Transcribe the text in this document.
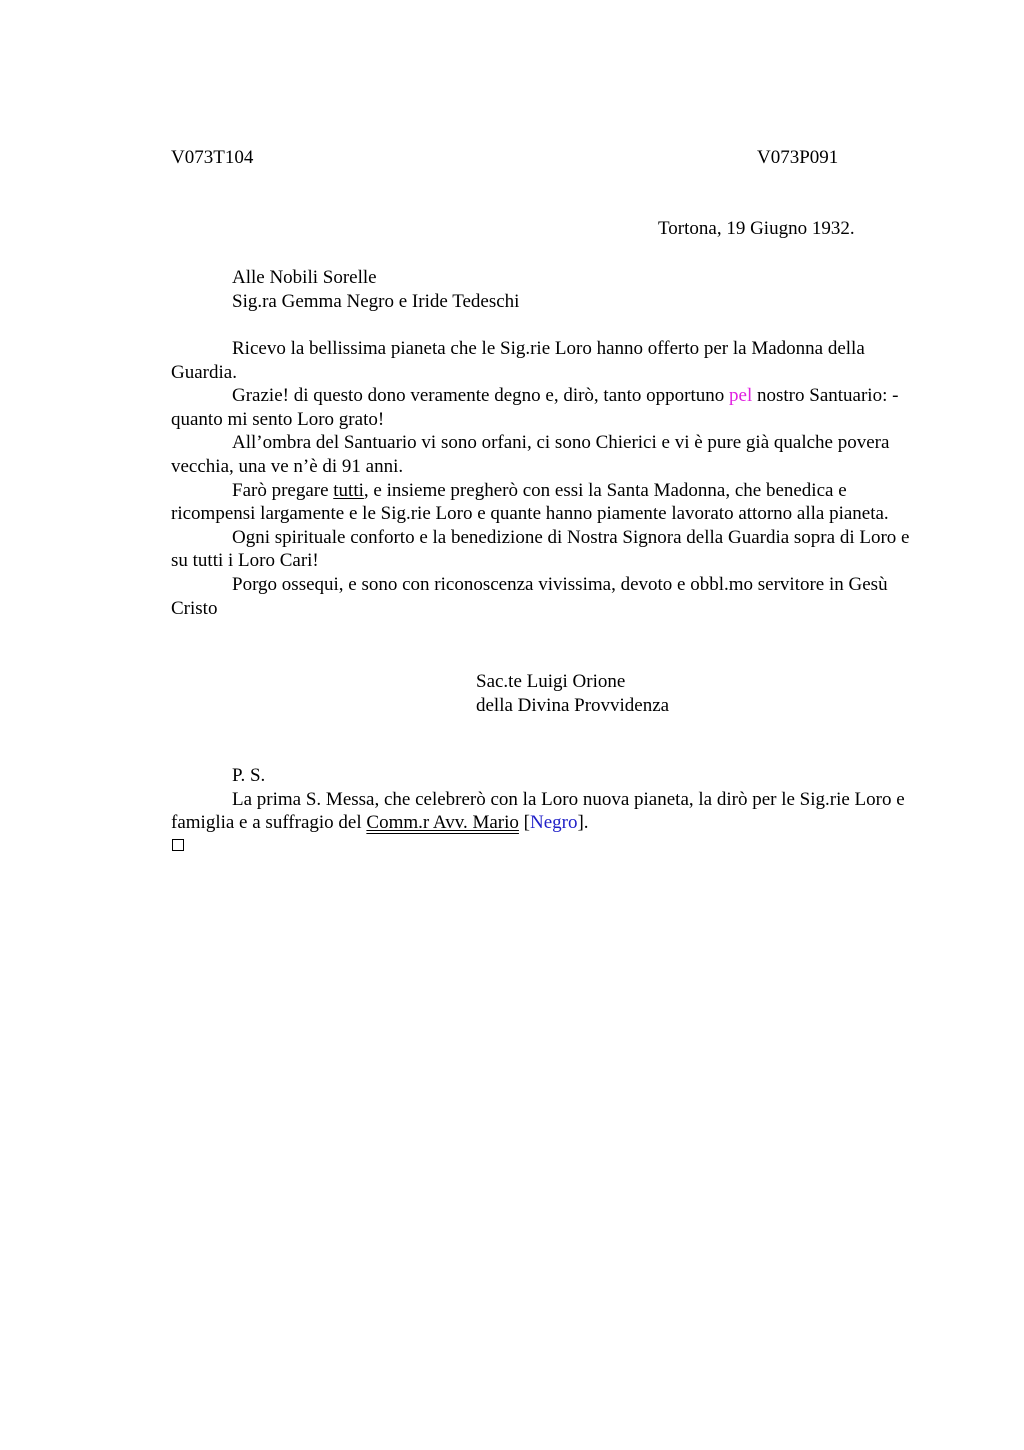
V073T104	V073P091
Tortona, 19 Giugno 1932.
Alle Nobili Sorelle
Sig.ra Gemma Negro e Iride Tedeschi

Ricevo la bellissima pianeta che le Sig.rie Loro hanno offerto per la Madonna della Guardia.

Grazie! di questo dono veramente degno e, dirò, tanto opportuno pel nostro Santuario: - quanto mi sento Loro grato!

All’ombra del Santuario vi sono orfani, ci sono Chierici e vi è pure già qualche povera vecchia, una ve n’è di 91 anni.

Farò pregare tutti, e insieme pregherò con essi la Santa Madonna, che benedica e ricompensi largamente e le Sig.rie Loro e quante hanno piamente lavorato attorno alla pianeta.

Ogni spirituale conforto e la benedizione di Nostra Signora della Guardia sopra di Loro e su tutti i Loro Cari!

Porgo ossequi, e sono con riconoscenza vivissima, devoto e obbl.mo servitore in Gesù Cristo

Sac.te Luigi Orione
della Divina Provvidenza

P. S.

La prima S. Messa, che celebrerò con la Loro nuova pianeta, la dirò per le Sig.rie Loro e famiglia e a suffragio del Comm.r Avv. Mario [Negro].
